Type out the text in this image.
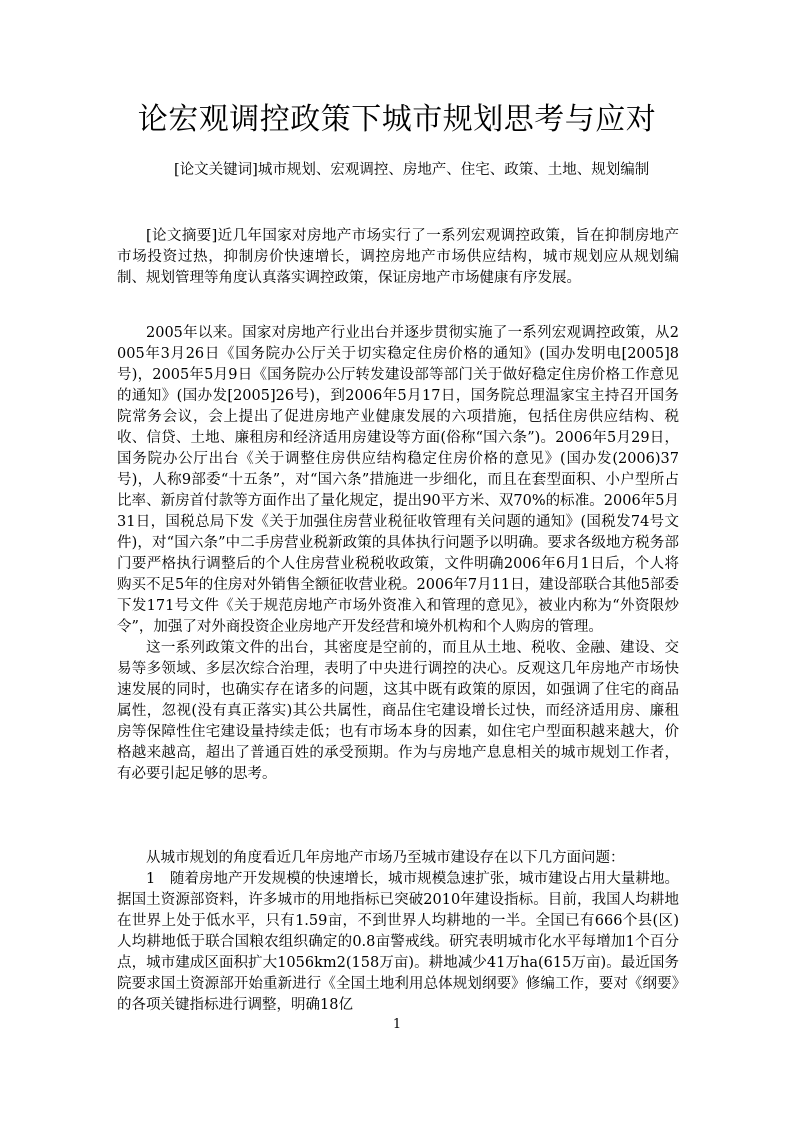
论宏观调控政策下城市规划思考与应对
[论文关键词]城市规划、宏观调控、房地产、住宅、政策、土地、规划编制
[论文摘要]近几年国家对房地产市场实行了一系列宏观调控政策，旨在抑制房地产市场投资过热，抑制房价快速增长，调控房地产市场供应结构，城市规划应从规划编制、规划管理等角度认真落实调控政策，保证房地产市场健康有序发展。
2005年以来。国家对房地产行业出台并逐步贯彻实施了一系列宏观调控政策，从2005年3月26日《国务院办公厅关于切实稳定住房价格的通知》(国办发明电[2005]8号)，2005年5月9日《国务院办公厅转发建设部等部门关于做好稳定住房价格工作意见的通知》(国办发[2005]26号)，到2006年5月17日，国务院总理温家宝主持召开国务院常务会议，会上提出了促进房地产业健康发展的六项措施，包括住房供应结构、税收、信贷、土地、廉租房和经济适用房建设等方面(俗称“国六条”)。2006年5月29日，国务院办公厅出台《关于调整住房供应结构稳定住房价格的意见》(国办发(2006)37号)，人称9部委“十五条”，对“国六条”措施进一步细化，而且在套型面积、小户型所占比率、新房首付款等方面作出了量化规定，提出90平方米、双70%的标准。2006年5月31日，国税总局下发《关于加强住房营业税征收管理有关问题的通知》(国税发74号文件)，对“国六条”中二手房营业税新政策的具体执行问题予以明确。要求各级地方税务部门要严格执行调整后的个人住房营业税税收政策，文件明确2006年6月1日后，个人将购买不足5年的住房对外销售全额征收营业税。2006年7月11日，建设部联合其他5部委下发171号文件《关于规范房地产市场外资准入和管理的意见》，被业内称为“外资限炒令”，加强了对外商投资企业房地产开发经营和境外机构和个人购房的管理。
这一系列政策文件的出台，其密度是空前的，而且从土地、税收、金融、建设、交易等多领域、多层次综合治理，表明了中央进行调控的决心。反观这几年房地产市场快速发展的同时，也确实存在诸多的问题，这其中既有政策的原因，如强调了住宅的商品属性，忽视(没有真正落实)其公共属性，商品住宅建设增长过快，而经济适用房、廉租房等保障性住宅建设量持续走低；也有市场本身的因素，如住宅户型面积越来越大，价格越来越高，超出了普通百姓的承受预期。作为与房地产息息相关的城市规划工作者，有必要引起足够的思考。
从城市规划的角度看近几年房地产市场乃至城市建设存在以下几方面问题：
1　随着房地产开发规模的快速增长，城市规模急速扩张，城市建设占用大量耕地。据国土资源部资料，许多城市的用地指标已突破2010年建设指标。目前，我国人均耕地在世界上处于低水平，只有1.59亩，不到世界人均耕地的一半。全国已有666个县(区)人均耕地低于联合国粮农组织确定的0.8亩警戒线。研究表明城市化水平每增加1个百分点，城市建成区面积扩大1056km2(158万亩)。耕地减少41万ha(615万亩)。最近国务院要求国土资源部开始重新进行《全国土地利用总体规划纲要》修编工作，要对《纲要》的各项关键指标进行调整，明确18亿
1
